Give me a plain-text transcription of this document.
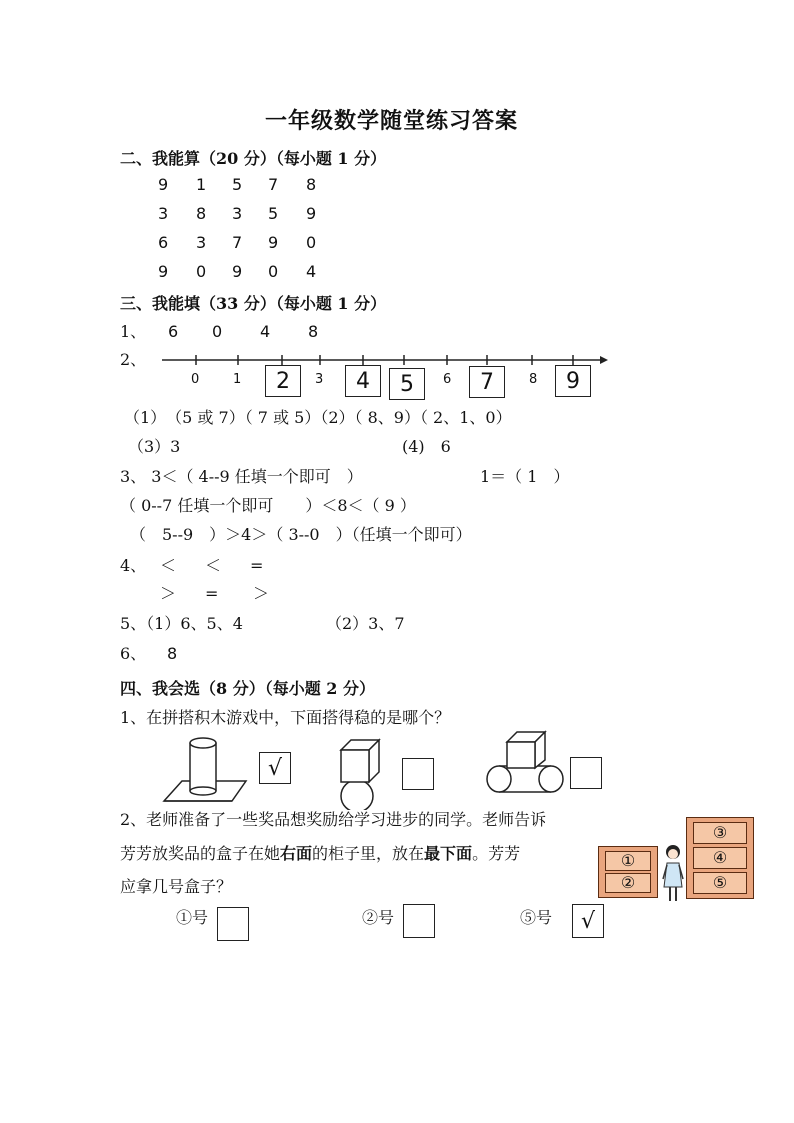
一年级数学随堂练习答案
二、我能算（20 分）（每小题 1 分）
9 1 5 7 8
3 8 3 5 9
6 3 7 9 0
9 0 9 0 4
三、我能填（33 分）（每小题 1 分）
1、 6 0 4 8
2、
0	1	3	6	8
2	4	5	7	9
（1）　（5 或 7）（ 7 或 5）（2）（ 8、9）（ 2、1、0）
（3）3	(4)　6
3、 3＜（ 4--9 任填一个即可　）	1＝（ 1　）
（ 0--7 任填一个即可　　）＜8＜（ 9 ）
（　5--9　）＞4＞（ 3--0　）（任填一个即可）
4、 ＜ ＜ =
＞ = ＞
5、（1）6、5、4	（2）3、7
6、 8
四、我会选（8 分）（每小题 2 分）
1、在拼搭积木游戏中，下面搭得稳的是哪个？
√
2、老师准备了一些奖品想奖励给学习进步的同学。老师告诉
芳芳放奖品的盒子在她右面的柜子里，放在最下面。芳芳
应拿几号盒子？
①号	②号	⑤号	√
①
②
③
④
⑤
